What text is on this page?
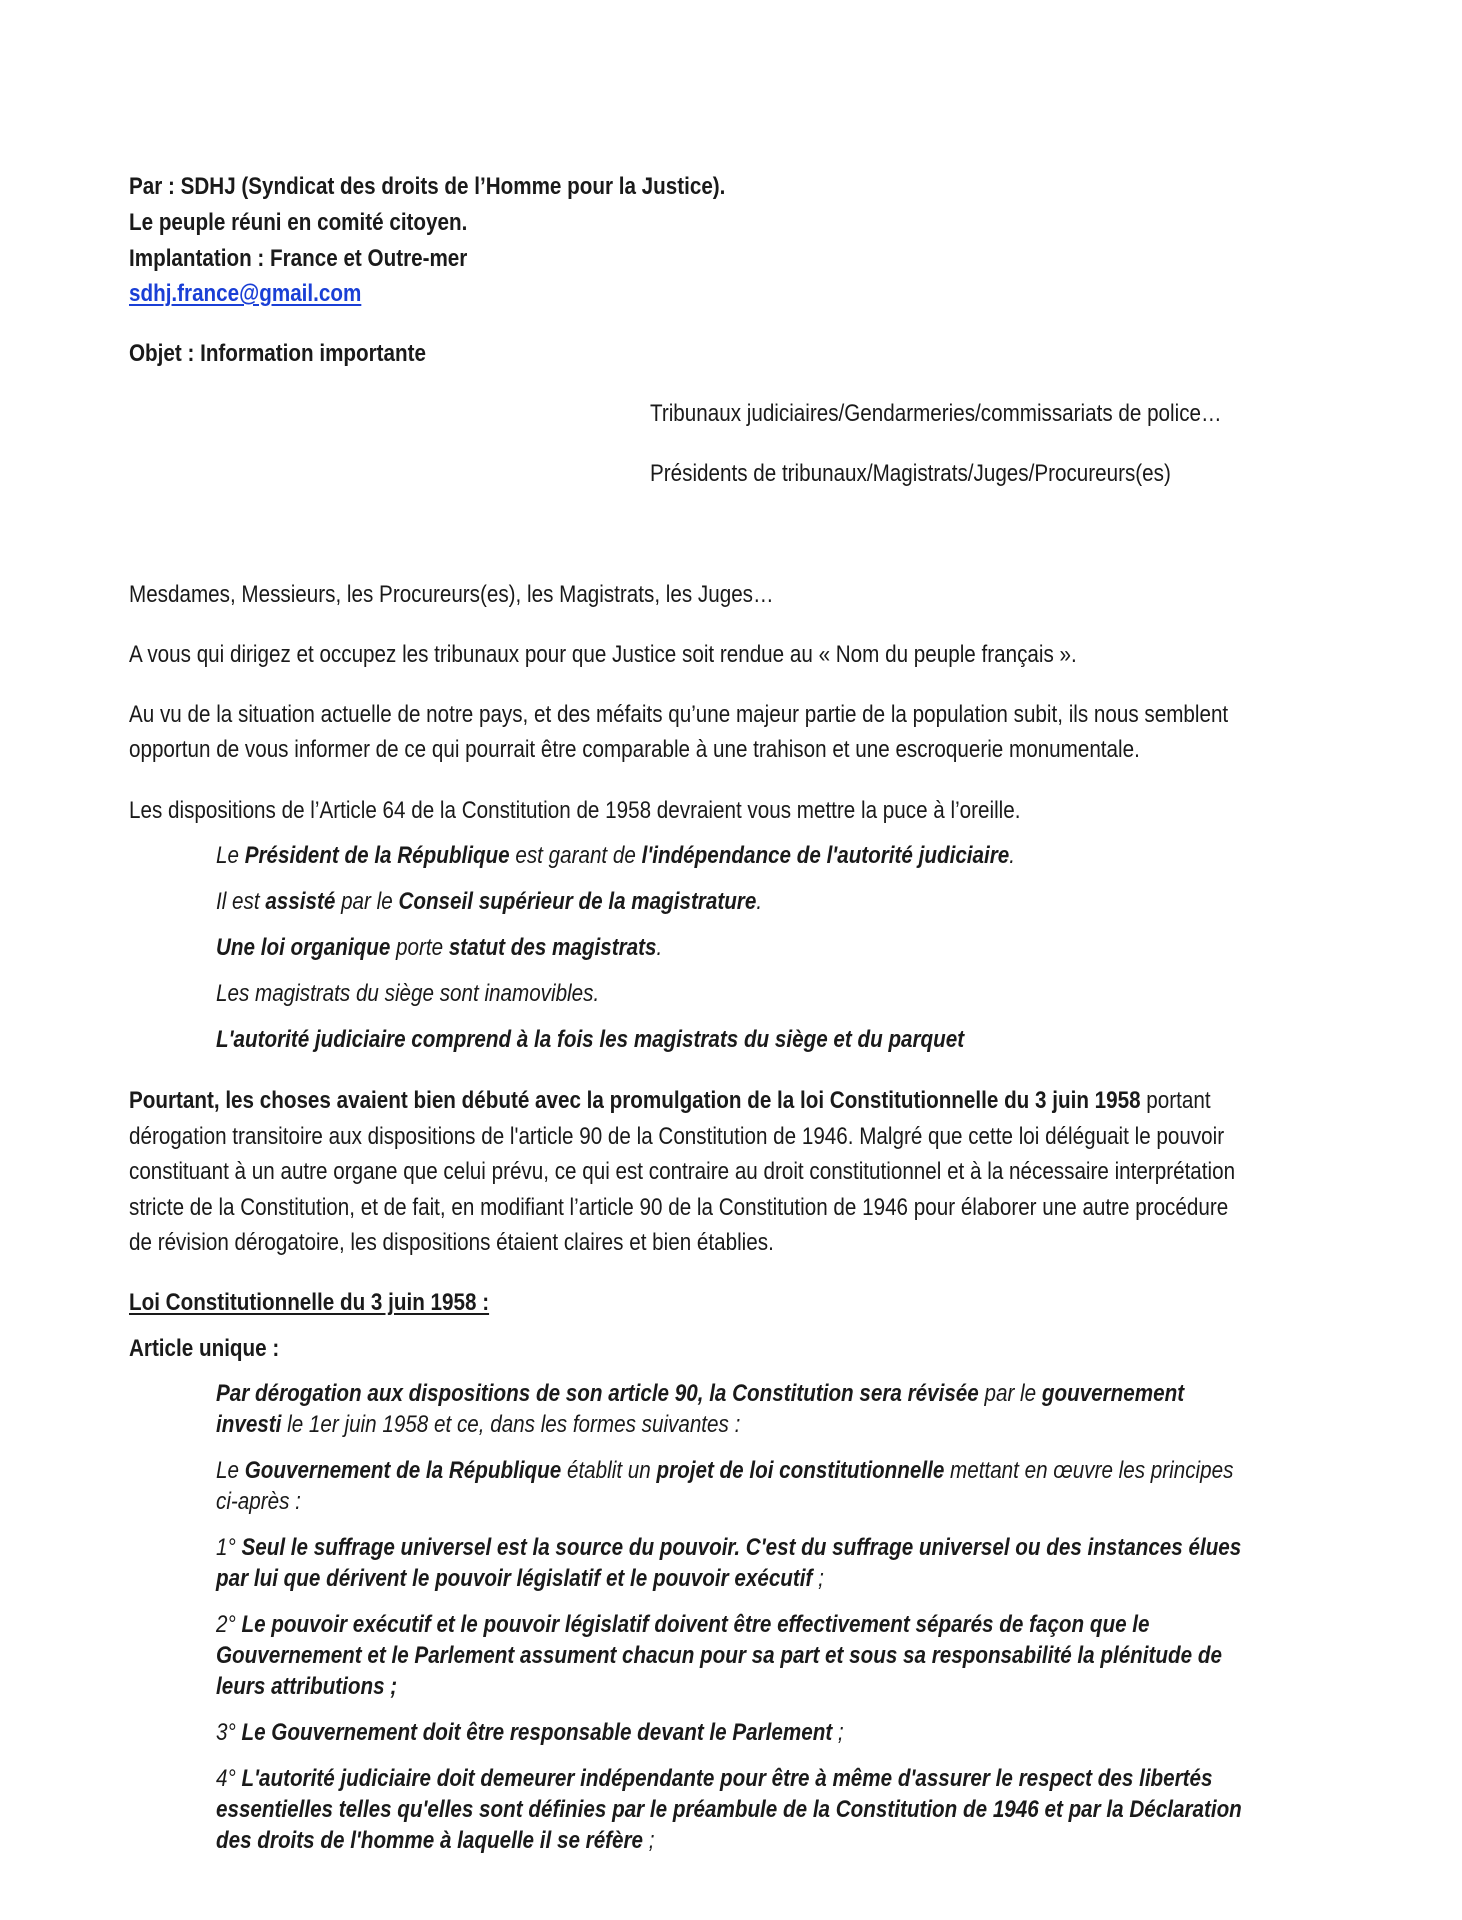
Par : SDHJ (Syndicat des droits de l’Homme pour la Justice).
Le peuple réuni en comité citoyen.
Implantation : France et Outre-mer
sdhj.france@gmail.com
Objet : Information importante
Tribunaux judiciaires/Gendarmeries/commissariats de police…
Présidents de tribunaux/Magistrats/Juges/Procureurs(es)
Mesdames, Messieurs, les Procureurs(es), les Magistrats, les Juges…
A vous qui dirigez et occupez les tribunaux pour que Justice soit rendue au « Nom du peuple français ».
Au vu de la situation actuelle de notre pays, et des méfaits qu’une majeur partie de la population subit, ils nous semblent
opportun de vous informer de ce qui pourrait être comparable à une trahison et une escroquerie monumentale.
Les dispositions de l’Article 64 de la Constitution de 1958 devraient vous mettre la puce à l’oreille.
Le Président de la République est garant de l'indépendance de l'autorité judiciaire.
Il est assisté par le Conseil supérieur de la magistrature.
Une loi organique porte statut des magistrats.
Les magistrats du siège sont inamovibles.
L'autorité judiciaire comprend à la fois les magistrats du siège et du parquet
Pourtant, les choses avaient bien débuté avec la promulgation de la loi Constitutionnelle du 3 juin 1958 portant
dérogation transitoire aux dispositions de l'article 90 de la Constitution de 1946. Malgré que cette loi déléguait le pouvoir
constituant à un autre organe que celui prévu, ce qui est contraire au droit constitutionnel et à la nécessaire interprétation
stricte de la Constitution, et de fait, en modifiant l’article 90 de la Constitution de 1946 pour élaborer une autre procédure
de révision dérogatoire, les dispositions étaient claires et bien établies.
Loi Constitutionnelle du 3 juin 1958 :
Article unique :
Par dérogation aux dispositions de son article 90, la Constitution sera révisée par le gouvernement
investi le 1er juin 1958 et ce, dans les formes suivantes :
Le Gouvernement de la République établit un projet de loi constitutionnelle mettant en œuvre les principes
ci-après :
1° Seul le suffrage universel est la source du pouvoir. C'est du suffrage universel ou des instances élues
par lui que dérivent le pouvoir législatif et le pouvoir exécutif ;
2° Le pouvoir exécutif et le pouvoir législatif doivent être effectivement séparés de façon que le
Gouvernement et le Parlement assument chacun pour sa part et sous sa responsabilité la plénitude de
leurs attributions ;
3° Le Gouvernement doit être responsable devant le Parlement ;
4° L'autorité judiciaire doit demeurer indépendante pour être à même d'assurer le respect des libertés
essentielles telles qu'elles sont définies par le préambule de la Constitution de 1946 et par la Déclaration
des droits de l'homme à laquelle il se réfère ;
